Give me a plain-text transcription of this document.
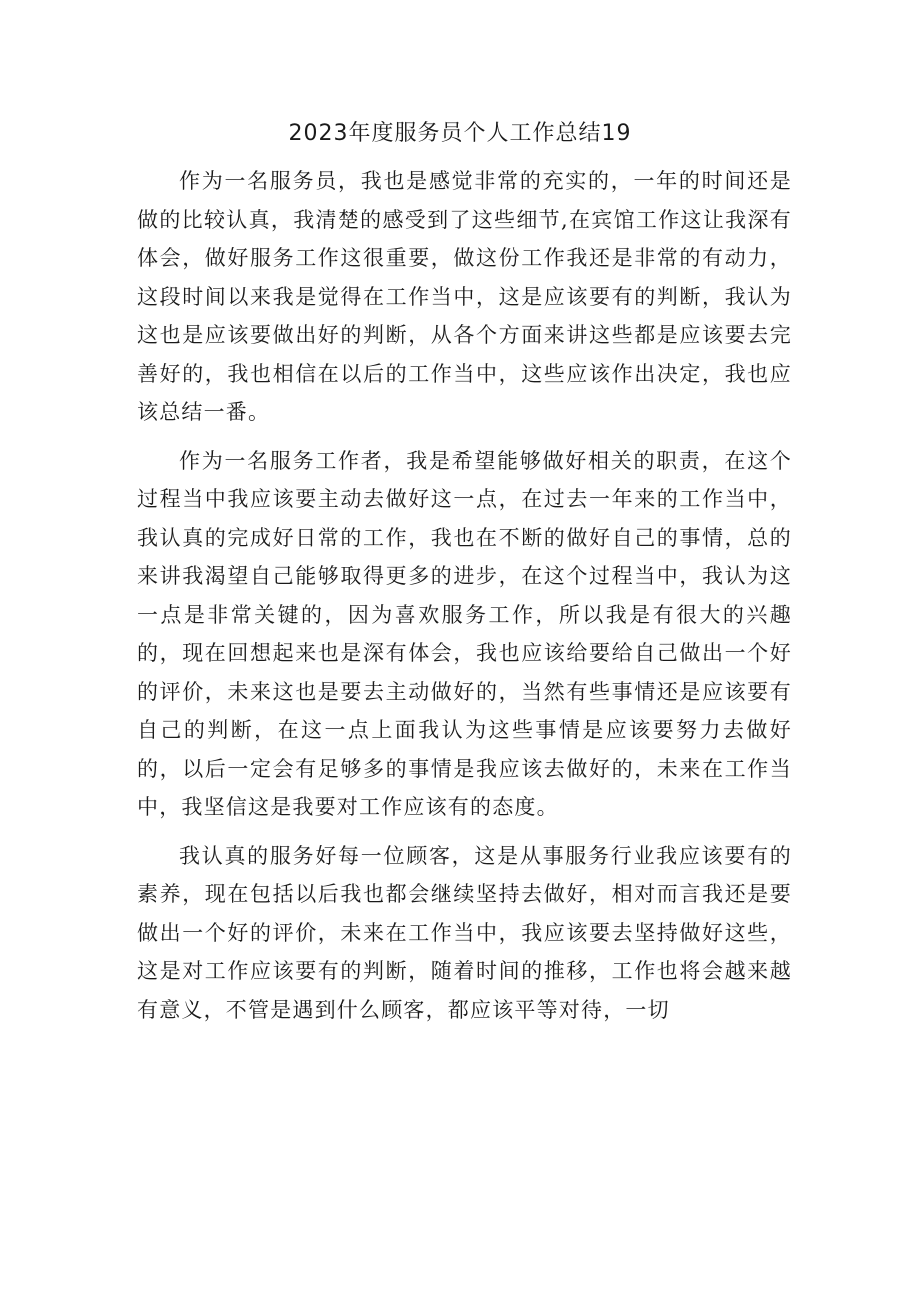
2023年度服务员个人工作总结19

作为一名服务员，我也是感觉非常的充实的，一年的时间还是做的比较认真，我清楚的感受到了这些细节,在宾馆工作这让我深有体会，做好服务工作这很重要，做这份工作我还是非常的有动力，这段时间以来我是觉得在工作当中，这是应该要有的判断，我认为这也是应该要做出好的判断，从各个方面来讲这些都是应该要去完善好的，我也相信在以后的工作当中，这些应该作出决定，我也应该总结一番。

作为一名服务工作者，我是希望能够做好相关的职责，在这个过程当中我应该要主动去做好这一点，在过去一年来的工作当中，我认真的完成好日常的工作，我也在不断的做好自己的事情，总的来讲我渴望自己能够取得更多的进步，在这个过程当中，我认为这一点是非常关键的，因为喜欢服务工作，所以我是有很大的兴趣的，现在回想起来也是深有体会，我也应该给要给自己做出一个好的评价，未来这也是要去主动做好的，当然有些事情还是应该要有自己的判断，在这一点上面我认为这些事情是应该要努力去做好的，以后一定会有足够多的事情是我应该去做好的，未来在工作当中，我坚信这是我要对工作应该有的态度。

我认真的服务好每一位顾客，这是从事服务行业我应该要有的素养，现在包括以后我也都会继续坚持去做好，相对而言我还是要做出一个好的评价，未来在工作当中，我应该要去坚持做好这些，这是对工作应该要有的判断，随着时间的推移，工作也将会越来越有意义，不管是遇到什么顾客，都应该平等对待，一切
